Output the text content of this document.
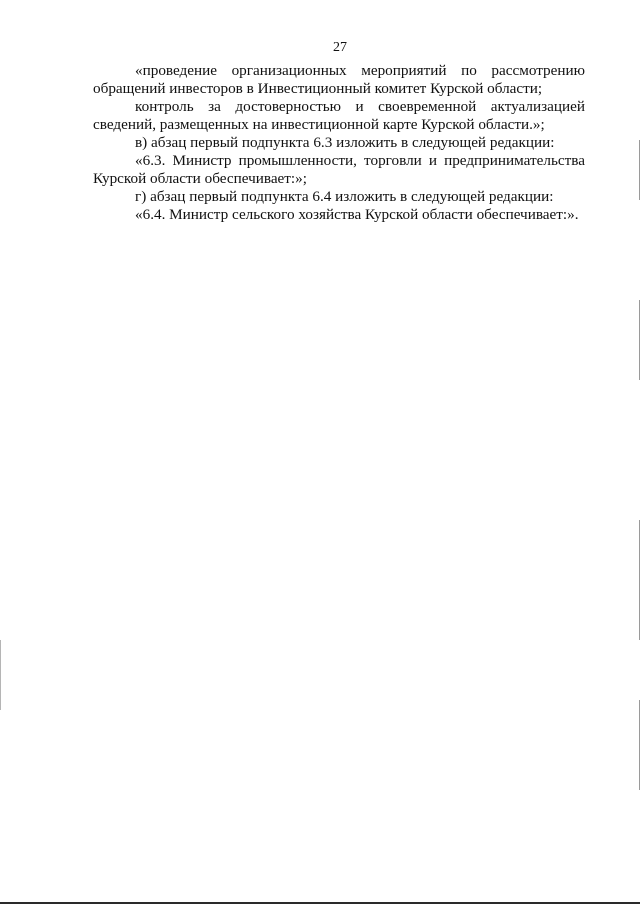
27
«проведение организационных мероприятий по рассмотрению
обращений инвесторов в Инвестиционный комитет Курской области;
контроль за достоверностью и своевременной актуализацией
сведений, размещенных на инвестиционной карте Курской области.»;
в) абзац первый подпункта 6.3 изложить в следующей редакции:
«6.3. Министр промышленности, торговли и предпринимательства
Курской области обеспечивает:»;
г) абзац первый подпункта 6.4 изложить в следующей редакции:
«6.4. Министр сельского хозяйства Курской области обеспечивает:».
